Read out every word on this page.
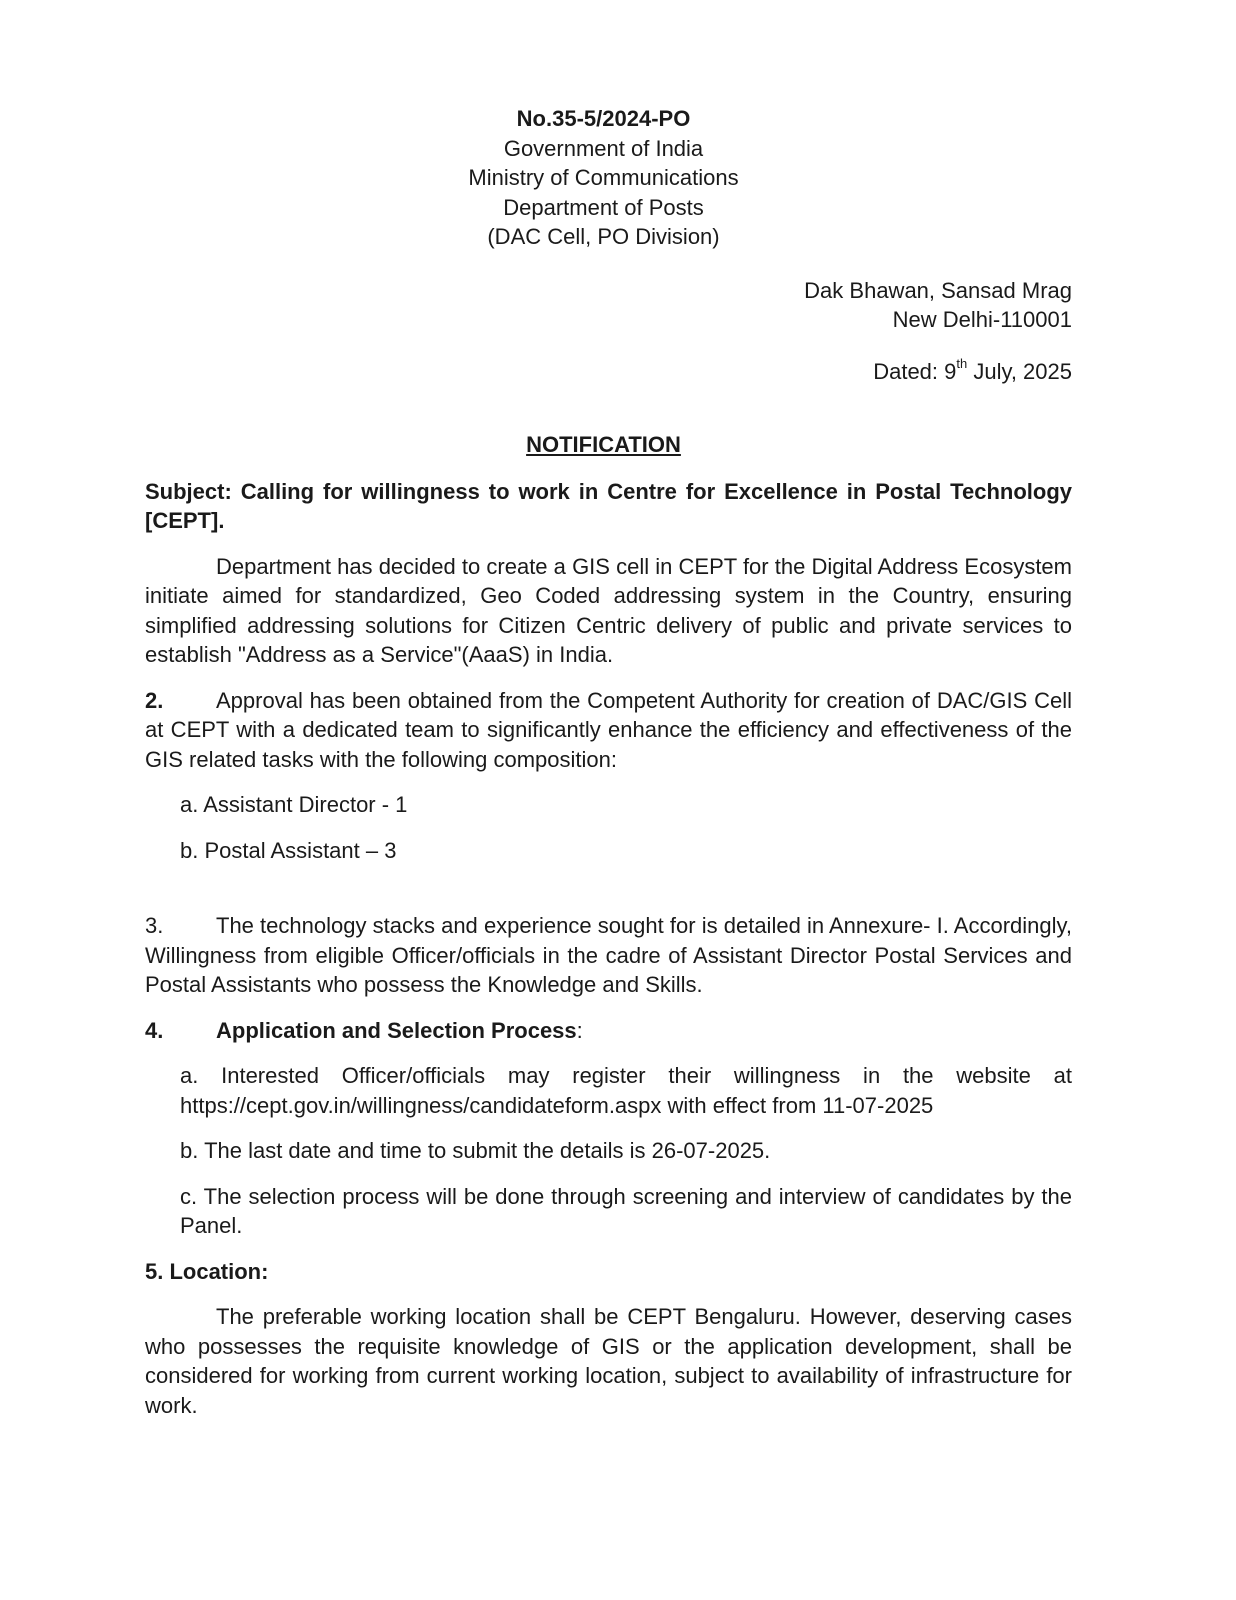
No.35-5/2024-PO
Government of India
Ministry of Communications
Department of Posts
(DAC Cell, PO Division)
Dak Bhawan, Sansad Mrag
New Delhi-110001
Dated: 9th July, 2025
NOTIFICATION
Subject: Calling for willingness to work in Centre for Excellence in Postal Technology [CEPT].
Department has decided to create a GIS cell in CEPT for the Digital Address Ecosystem initiate aimed for standardized, Geo Coded addressing system in the Country, ensuring simplified addressing solutions for Citizen Centric delivery of public and private services to establish "Address as a Service"(AaaS) in India.
2. Approval has been obtained from the Competent Authority for creation of DAC/GIS Cell at CEPT with a dedicated team to significantly enhance the efficiency and effectiveness of the GIS related tasks with the following composition:
a. Assistant Director - 1
b. Postal Assistant – 3
3. The technology stacks and experience sought for is detailed in Annexure- I. Accordingly, Willingness from eligible Officer/officials in the cadre of Assistant Director Postal Services and Postal Assistants who possess the Knowledge and Skills.
4. Application and Selection Process:
a. Interested Officer/officials may register their willingness in the website at https://cept.gov.in/willingness/candidateform.aspx with effect from 11-07-2025
b. The last date and time to submit the details is 26-07-2025.
c. The selection process will be done through screening and interview of candidates by the Panel.
5. Location:
The preferable working location shall be CEPT Bengaluru. However, deserving cases who possesses the requisite knowledge of GIS or the application development, shall be considered for working from current working location, subject to availability of infrastructure for work.
